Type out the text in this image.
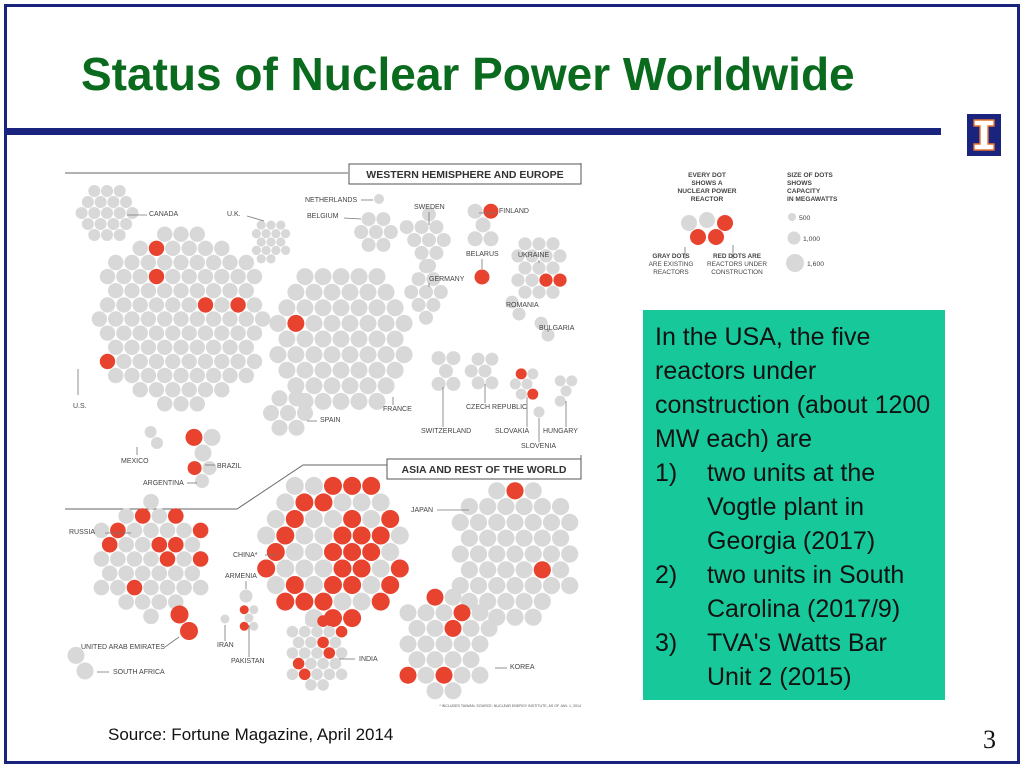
Status of Nuclear Power Worldwide
WESTERN HEMISPHERE AND EUROPE
ASIA AND REST OF THE WORLD
CANADA	U.K.
NETHERLANDS
BELGIUM
SWEDEN
FINLAND
BELARUS	UKRAINE
GERMANY
ROMANIA
BULGARIA
U.S.	FRANCE
SPAIN
SWITZERLAND
CZECH REPUBLIC
SLOVAKIA HUNGARY
SLOVENIA
MEXICO
BRAZIL
ARGENTINA
RUSSIA
CHINA*
ARMENIA
IRAN
UNITED ARAB EMIRATES
PAKISTAN
SOUTH AFRICA
JAPAN
INDIA
KOREA
* INCLUDES TAIWAN. SOURCE: NUCLEAR ENERGY INSTITUTE, AS OF JAN. 1, 2014
EVERY DOT
SHOWS A
NUCLEAR POWER
REACTOR
SIZE OF DOTS
SHOWS
CAPACITY
IN MEGAWATTS
500
1,000
1,600
GRAY DOTS
ARE EXISTING
REACTORS
RED DOTS ARE
REACTORS UNDER
CONSTRUCTION

In the USA, the five reactors under construction (about 1200 MW each) are

1)	two units at the Vogtle plant in Georgia (2017)
2)	two units in South Carolina (2017/9)
3)	TVA's Watts Bar Unit 2 (2015)
Source: Fortune Magazine, April 2014	3
